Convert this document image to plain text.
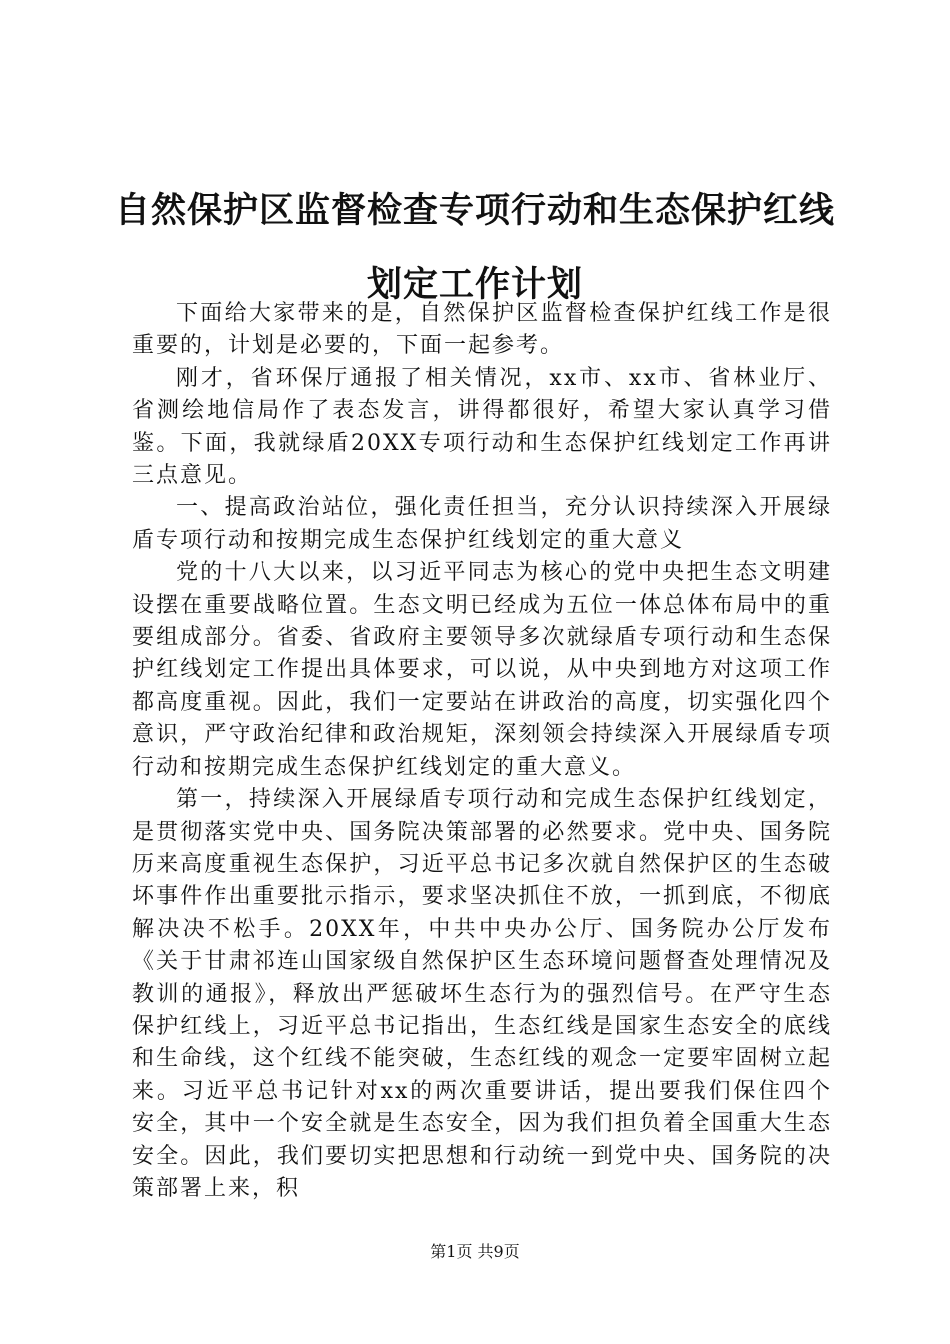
自然保护区监督检查专项行动和生态保护红线划定工作计划

下面给大家带来的是，自然保护区监督检查保护红线工作是很重要的，计划是必要的，下面一起参考。

刚才，省环保厅通报了相关情况，xx市、xx市、省林业厅、省测绘地信局作了表态发言，讲得都很好，希望大家认真学习借鉴。下面，我就绿盾20XX专项行动和生态保护红线划定工作再讲三点意见。

一、提高政治站位，强化责任担当，充分认识持续深入开展绿盾专项行动和按期完成生态保护红线划定的重大意义

党的十八大以来，以习近平同志为核心的党中央把生态文明建设摆在重要战略位置。生态文明已经成为五位一体总体布局中的重要组成部分。省委、省政府主要领导多次就绿盾专项行动和生态保护红线划定工作提出具体要求，可以说，从中央到地方对这项工作都高度重视。因此，我们一定要站在讲政治的高度，切实强化四个意识，严守政治纪律和政治规矩，深刻领会持续深入开展绿盾专项行动和按期完成生态保护红线划定的重大意义。

第一，持续深入开展绿盾专项行动和完成生态保护红线划定，是贯彻落实党中央、国务院决策部署的必然要求。党中央、国务院历来高度重视生态保护，习近平总书记多次就自然保护区的生态破坏事件作出重要批示指示，要求坚决抓住不放，一抓到底，不彻底解决决不松手。20XX年，中共中央办公厅、国务院办公厅发布《关于甘肃祁连山国家级自然保护区生态环境问题督查处理情况及教训的通报》，释放出严惩破坏生态行为的强烈信号。在严守生态保护红线上，习近平总书记指出，生态红线是国家生态安全的底线和生命线，这个红线不能突破，生态红线的观念一定要牢固树立起来。习近平总书记针对xx的两次重要讲话，提出要我们保住四个安全，其中一个安全就是生态安全，因为我们担负着全国重大生态安全。因此，我们要切实把思想和行动统一到党中央、国务院的决策部署上来，积

第1页 共9页
